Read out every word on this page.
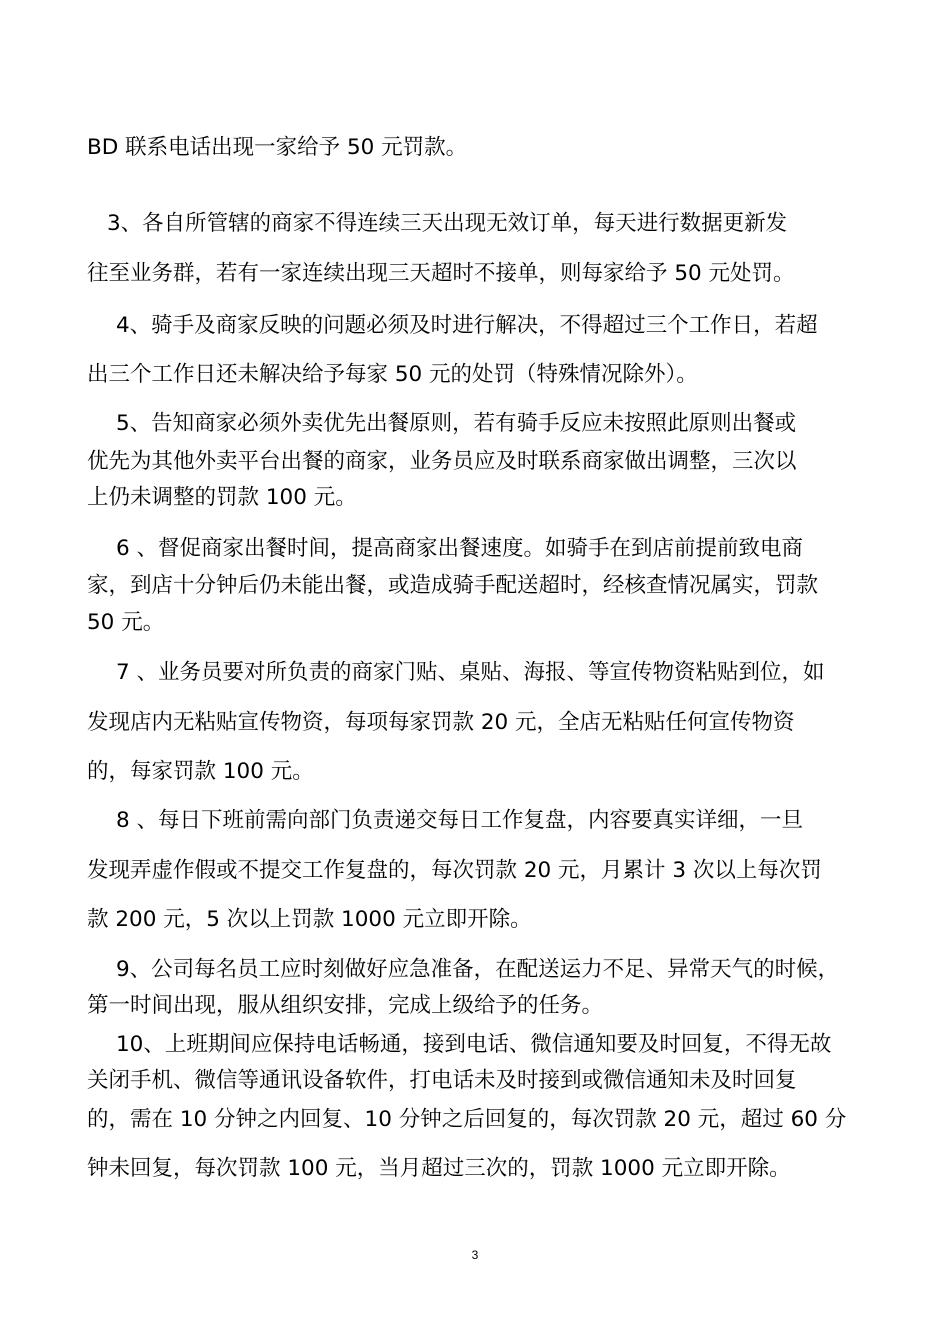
BD 联系电话出现一家给予 50 元罚款。
3、各自所管辖的商家不得连续三天出现无效订单，每天进行数据更新发
往至业务群，若有一家连续出现三天超时不接单，则每家给予 50 元处罚。
4、骑手及商家反映的问题必须及时进行解决，不得超过三个工作日，若超
出三个工作日还未解决给予每家 50 元的处罚（特殊情况除外）。
5、告知商家必须外卖优先出餐原则，若有骑手反应未按照此原则出餐或
优先为其他外卖平台出餐的商家，业务员应及时联系商家做出调整，三次以
上仍未调整的罚款 100 元。
6 、督促商家出餐时间，提高商家出餐速度。如骑手在到店前提前致电商
家，到店十分钟后仍未能出餐，或造成骑手配送超时，经核查情况属实，罚款
50 元。
7 、业务员要对所负责的商家门贴、桌贴、海报、等宣传物资粘贴到位，如
发现店内无粘贴宣传物资，每项每家罚款 20 元，全店无粘贴任何宣传物资
的，每家罚款 100 元。
8 、每日下班前需向部门负责递交每日工作复盘，内容要真实详细，一旦
发现弄虚作假或不提交工作复盘的，每次罚款 20 元，月累计 3 次以上每次罚
款 200 元，5 次以上罚款 1000 元立即开除。
9、公司每名员工应时刻做好应急准备，在配送运力不足、异常天气的时候，
第一时间出现，服从组织安排，完成上级给予的任务。
10、上班期间应保持电话畅通，接到电话、微信通知要及时回复，不得无故
关闭手机、微信等通讯设备软件，打电话未及时接到或微信通知未及时回复
的，需在 10 分钟之内回复、10 分钟之后回复的，每次罚款 20 元，超过 60 分
钟未回复，每次罚款 100 元，当月超过三次的，罚款 1000 元立即开除。
3
